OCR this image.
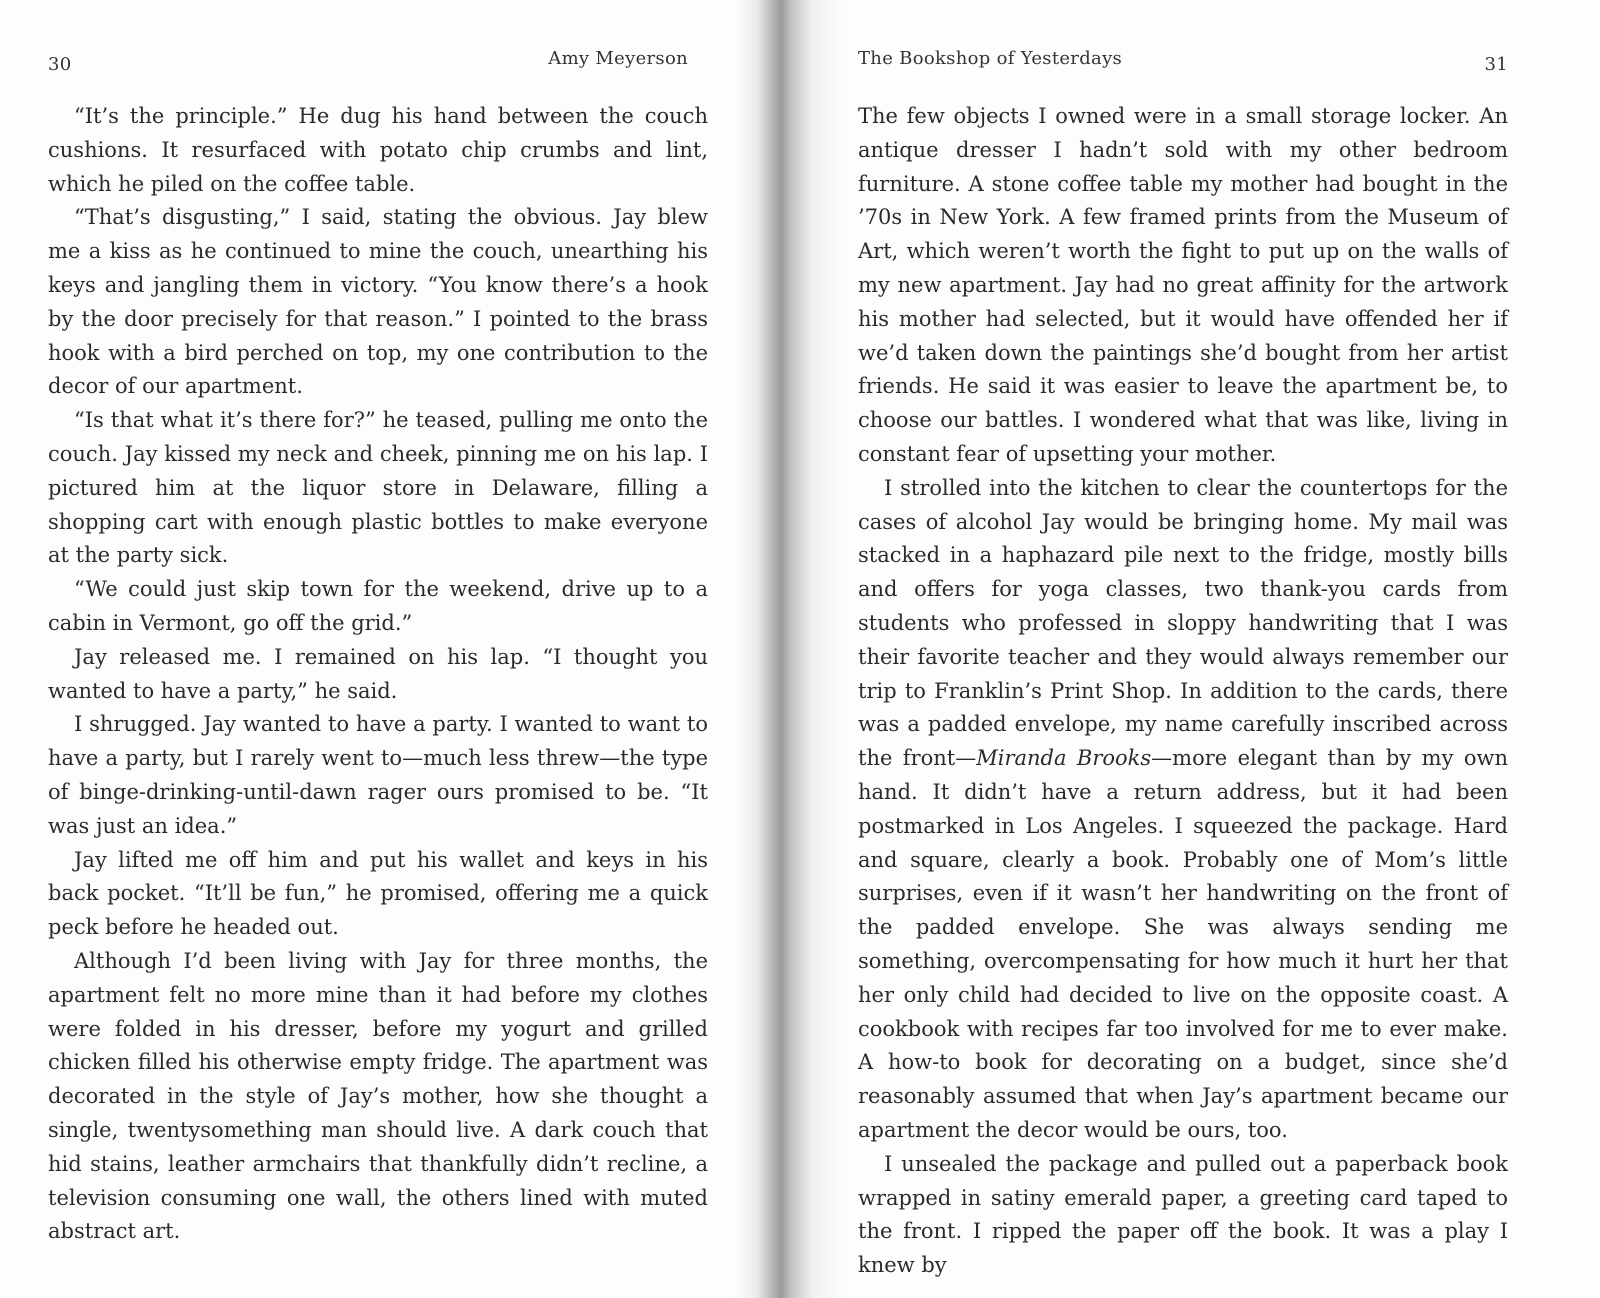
30	Amy Meyerson

“It’s the principle.” He dug his hand between the couch cushions. It resurfaced with potato chip crumbs and lint, which he piled on the coffee table.

“That’s disgusting,” I said, stating the obvious. Jay blew me a kiss as he continued to mine the couch, unearthing his keys and jangling them in victory. “You know there’s a hook by the door precisely for that reason.” I pointed to the brass hook with a bird perched on top, my one contribution to the decor of our apartment.

“Is that what it’s there for?” he teased, pulling me onto the couch. Jay kissed my neck and cheek, pinning me on his lap. I pictured him at the liquor store in Delaware, filling a shopping cart with enough plastic bottles to make everyone at the party sick.

“We could just skip town for the weekend, drive up to a cabin in Vermont, go off the grid.”

Jay released me. I remained on his lap. “I thought you wanted to have a party,” he said.

I shrugged. Jay wanted to have a party. I wanted to want to have a party, but I rarely went to—much less threw—the type of binge-drinking-until-dawn rager ours promised to be. “It was just an idea.”

Jay lifted me off him and put his wallet and keys in his back pocket. “It’ll be fun,” he promised, offering me a quick peck before he headed out.

Although I’d been living with Jay for three months, the apartment felt no more mine than it had before my clothes were folded in his dresser, before my yogurt and grilled chicken filled his otherwise empty fridge. The apartment was decorated in the style of Jay’s mother, how she thought a single, twentysomething man should live. A dark couch that hid stains, leather armchairs that thankfully didn’t recline, a television consuming one wall, the others lined with muted abstract art.

The Bookshop of Yesterdays	31

The few objects I owned were in a small storage locker. An antique dresser I hadn’t sold with my other bedroom furniture. A stone coffee table my mother had bought in the ’70s in New York. A few framed prints from the Museum of Art, which weren’t worth the fight to put up on the walls of my new apartment. Jay had no great affinity for the artwork his mother had selected, but it would have offended her if we’d taken down the paintings she’d bought from her artist friends. He said it was easier to leave the apartment be, to choose our battles. I wondered what that was like, living in constant fear of upsetting your mother.

I strolled into the kitchen to clear the countertops for the cases of alcohol Jay would be bringing home. My mail was stacked in a haphazard pile next to the fridge, mostly bills and offers for yoga classes, two thank-you cards from students who professed in sloppy handwriting that I was their favorite teacher and they would always remember our trip to Franklin’s Print Shop. In addition to the cards, there was a padded envelope, my name carefully inscribed across the front—Miranda Brooks—more elegant than by my own hand. It didn’t have a return address, but it had been postmarked in Los Angeles. I squeezed the package. Hard and square, clearly a book. Probably one of Mom’s little surprises, even if it wasn’t her handwriting on the front of the padded envelope. She was always sending me something, overcompensating for how much it hurt her that her only child had decided to live on the opposite coast. A cookbook with recipes far too involved for me to ever make. A how-to book for decorating on a budget, since she’d reasonably assumed that when Jay’s apartment became our apartment the decor would be ours, too.

I unsealed the package and pulled out a paperback book wrapped in satiny emerald paper, a greeting card taped to the front. I ripped the paper off the book. It was a play I knew by
